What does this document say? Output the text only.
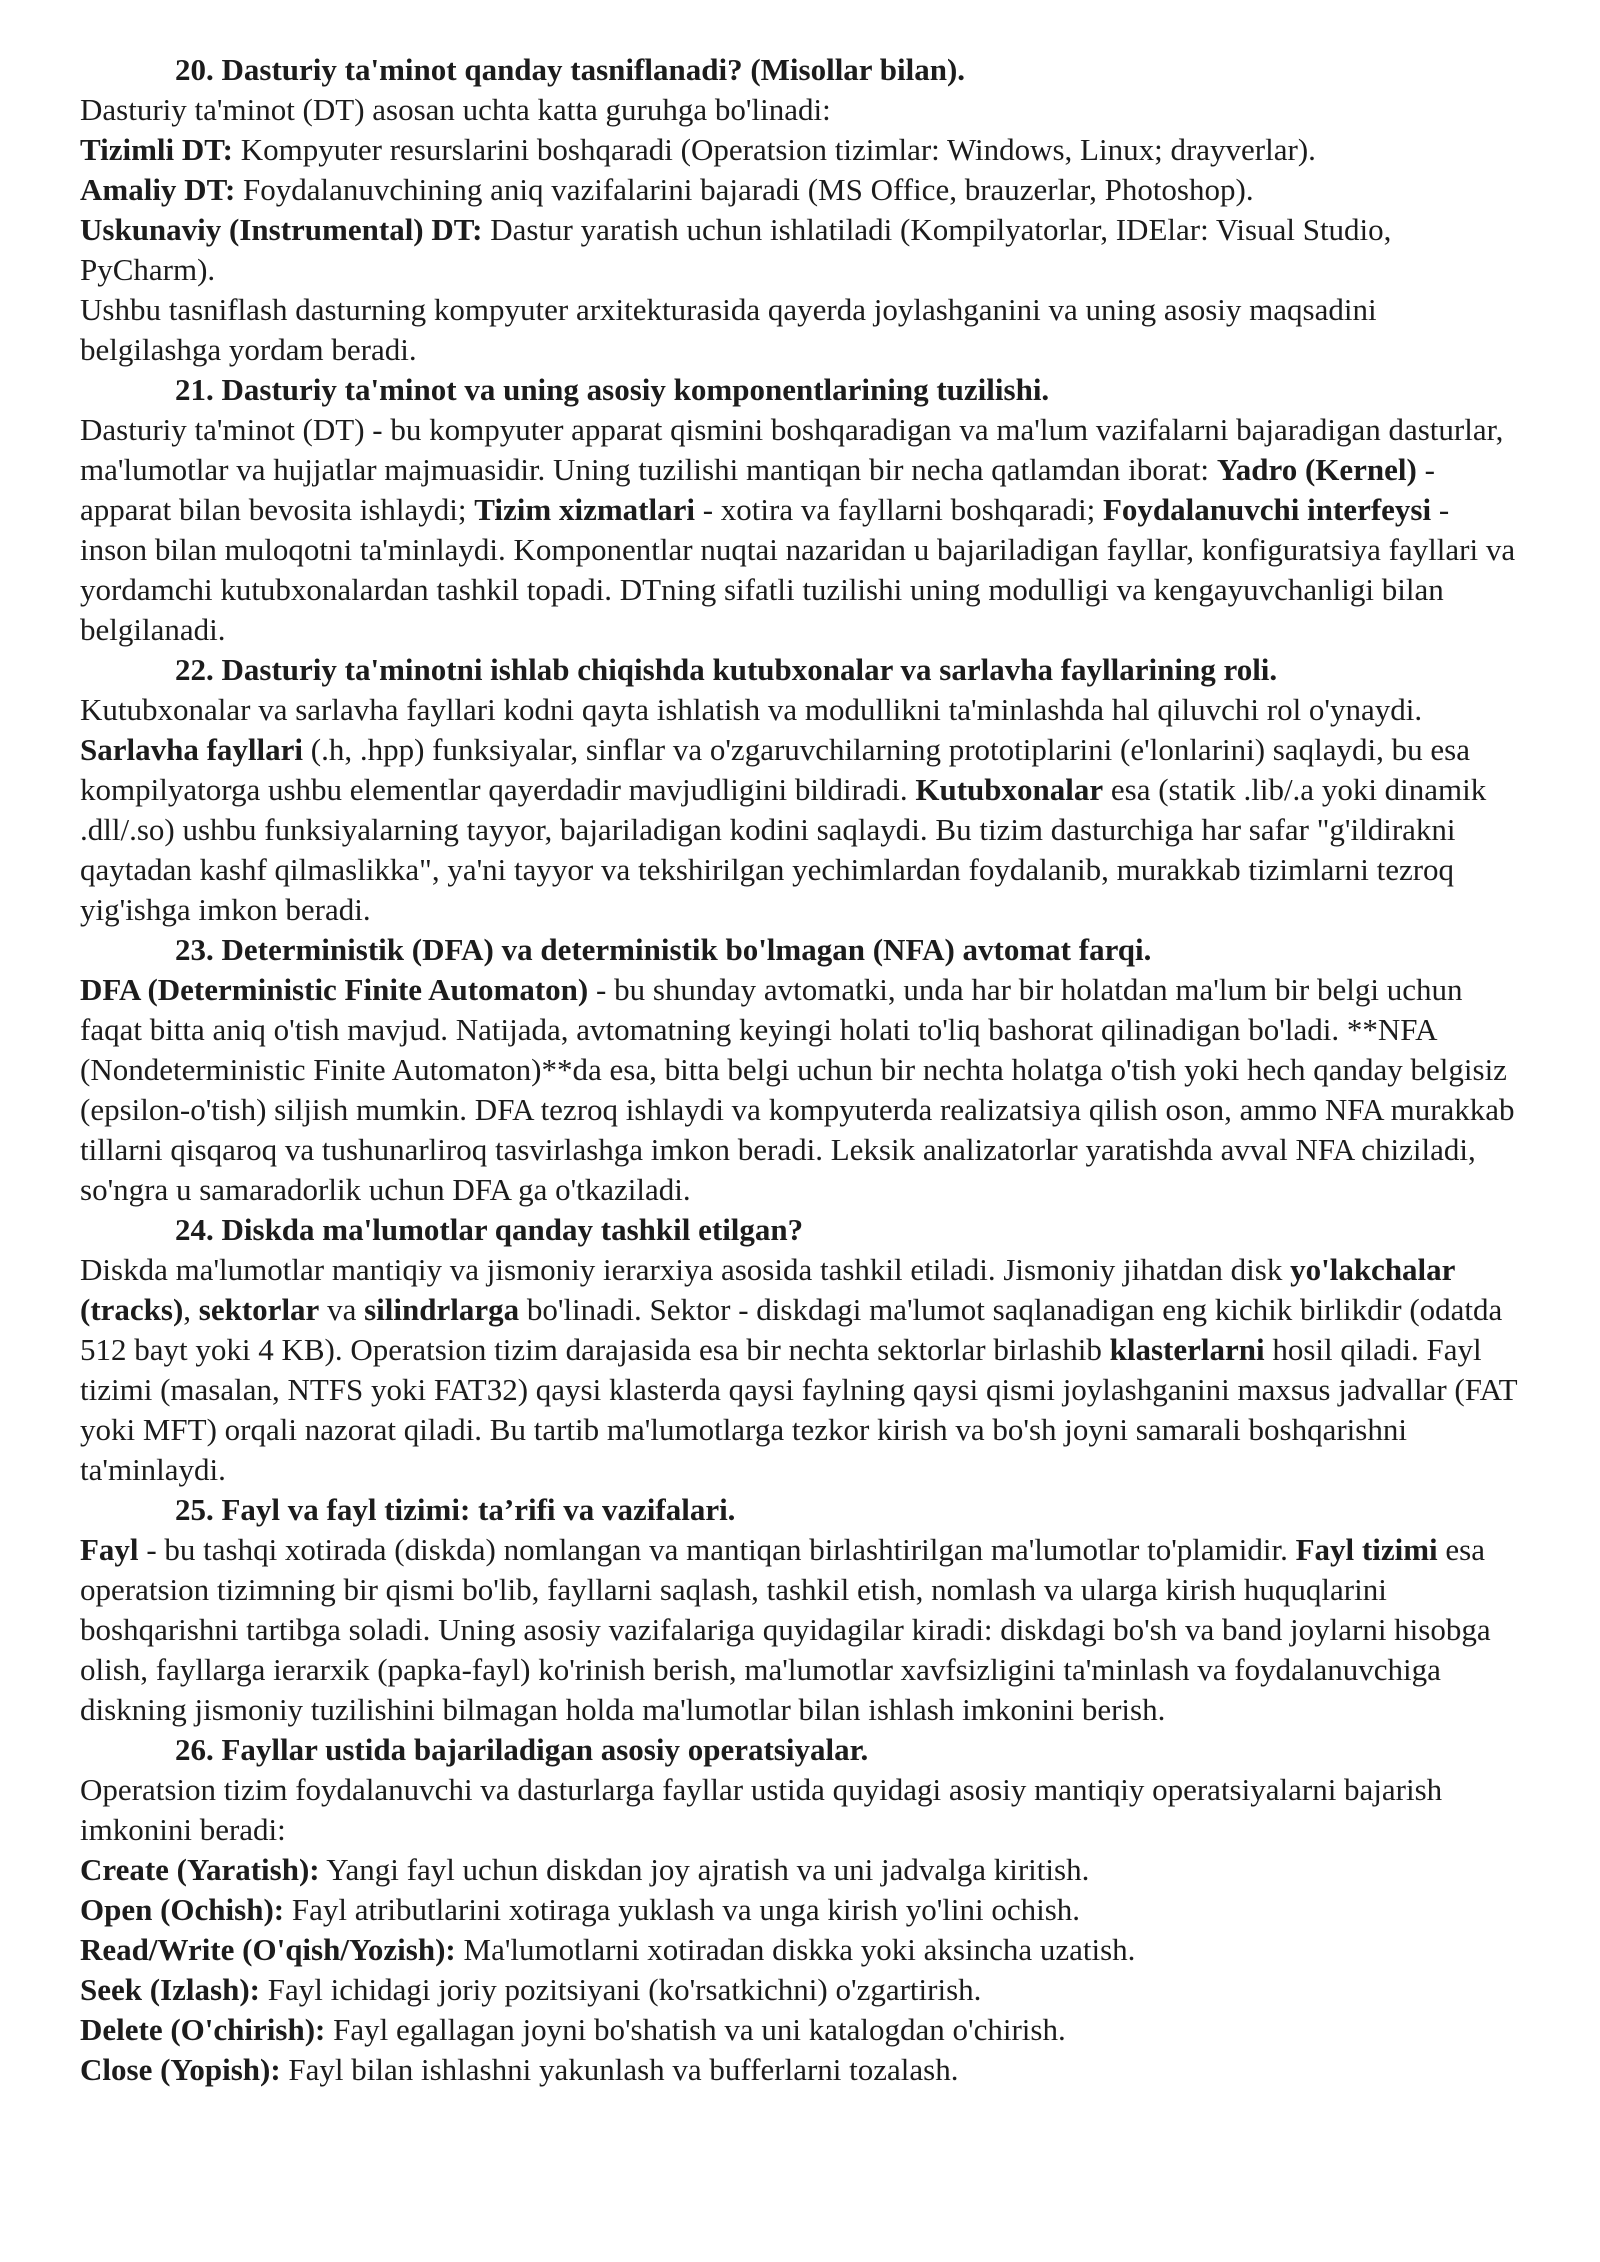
20. Dasturiy ta'minot qanday tasniflanadi? (Misollar bilan).

Dasturiy ta'minot (DT) asosan uchta katta guruhga bo'linadi:

Tizimli DT: Kompyuter resurslarini boshqaradi (Operatsion tizimlar: Windows, Linux; drayverlar).

Amaliy DT: Foydalanuvchining aniq vazifalarini bajaradi (MS Office, brauzerlar, Photoshop).

Uskunaviy (Instrumental) DT: Dastur yaratish uchun ishlatiladi (Kompilyatorlar, IDElar: Visual Studio, PyCharm).

Ushbu tasniflash dasturning kompyuter arxitekturasida qayerda joylashganini va uning asosiy maqsadini belgilashga yordam beradi.

21. Dasturiy ta'minot va uning asosiy komponentlarining tuzilishi.

Dasturiy ta'minot (DT) - bu kompyuter apparat qismini boshqaradigan va ma'lum vazifalarni bajaradigan dasturlar, ma'lumotlar va hujjatlar majmuasidir. Uning tuzilishi mantiqan bir necha qatlamdan iborat: Yadro (Kernel) - apparat bilan bevosita ishlaydi; Tizim xizmatlari - xotira va fayllarni boshqaradi; Foydalanuvchi interfeysi - inson bilan muloqotni ta'minlaydi. Komponentlar nuqtai nazaridan u bajariladigan fayllar, konfiguratsiya fayllari va yordamchi kutubxonalardan tashkil topadi. DTning sifatli tuzilishi uning modulligi va kengayuvchanligi bilan belgilanadi.

22. Dasturiy ta'minotni ishlab chiqishda kutubxonalar va sarlavha fayllarining roli.

Kutubxonalar va sarlavha fayllari kodni qayta ishlatish va modullikni ta'minlashda hal qiluvchi rol o'ynaydi. Sarlavha fayllari (.h, .hpp) funksiyalar, sinflar va o'zgaruvchilarning prototiplarini (e'lonlarini) saqlaydi, bu esa kompilyatorga ushbu elementlar qayerdadir mavjudligini bildiradi. Kutubxonalar esa (statik .lib/.a yoki dinamik .dll/.so) ushbu funksiyalarning tayyor, bajariladigan kodini saqlaydi. Bu tizim dasturchiga har safar "g'ildirakni qaytadan kashf qilmaslikka", ya'ni tayyor va tekshirilgan yechimlardan foydalanib, murakkab tizimlarni tezroq yig'ishga imkon beradi.

23. Deterministik (DFA) va deterministik bo'lmagan (NFA) avtomat farqi.

DFA (Deterministic Finite Automaton) - bu shunday avtomatki, unda har bir holatdan ma'lum bir belgi uchun faqat bitta aniq o'tish mavjud. Natijada, avtomatning keyingi holati to'liq bashorat qilinadigan bo'ladi. **NFA (Nondeterministic Finite Automaton)**da esa, bitta belgi uchun bir nechta holatga o'tish yoki hech qanday belgisiz (epsilon-o'tish) siljish mumkin. DFA tezroq ishlaydi va kompyuterda realizatsiya qilish oson, ammo NFA murakkab tillarni qisqaroq va tushunarliroq tasvirlashga imkon beradi. Leksik analizatorlar yaratishda avval NFA chiziladi, so'ngra u samaradorlik uchun DFA ga o'tkaziladi.

24. Diskda ma'lumotlar qanday tashkil etilgan?

Diskda ma'lumotlar mantiqiy va jismoniy ierarxiya asosida tashkil etiladi. Jismoniy jihatdan disk yo'lakchalar (tracks), sektorlar va silindrlarga bo'linadi. Sektor - diskdagi ma'lumot saqlanadigan eng kichik birlikdir (odatda 512 bayt yoki 4 KB). Operatsion tizim darajasida esa bir nechta sektorlar birlashib klasterlarni hosil qiladi. Fayl tizimi (masalan, NTFS yoki FAT32) qaysi klasterda qaysi faylning qaysi qismi joylashganini maxsus jadvallar (FAT yoki MFT) orqali nazorat qiladi. Bu tartib ma'lumotlarga tezkor kirish va bo'sh joyni samarali boshqarishni ta'minlaydi.

25. Fayl va fayl tizimi: ta’rifi va vazifalari.

Fayl - bu tashqi xotirada (diskda) nomlangan va mantiqan birlashtirilgan ma'lumotlar to'plamidir. Fayl tizimi esa operatsion tizimning bir qismi bo'lib, fayllarni saqlash, tashkil etish, nomlash va ularga kirish huquqlarini boshqarishni tartibga soladi. Uning asosiy vazifalariga quyidagilar kiradi: diskdagi bo'sh va band joylarni hisobga olish, fayllarga ierarxik (papka-fayl) ko'rinish berish, ma'lumotlar xavfsizligini ta'minlash va foydalanuvchiga diskning jismoniy tuzilishini bilmagan holda ma'lumotlar bilan ishlash imkonini berish.

26. Fayllar ustida bajariladigan asosiy operatsiyalar.

Operatsion tizim foydalanuvchi va dasturlarga fayllar ustida quyidagi asosiy mantiqiy operatsiyalarni bajarish imkonini beradi:

Create (Yaratish): Yangi fayl uchun diskdan joy ajratish va uni jadvalga kiritish.

Open (Ochish): Fayl atributlarini xotiraga yuklash va unga kirish yo'lini ochish.

Read/Write (O'qish/Yozish): Ma'lumotlarni xotiradan diskka yoki aksincha uzatish.

Seek (Izlash): Fayl ichidagi joriy pozitsiyani (ko'rsatkichni) o'zgartirish.

Delete (O'chirish): Fayl egallagan joyni bo'shatish va uni katalogdan o'chirish.

Close (Yopish): Fayl bilan ishlashni yakunlash va bufferlarni tozalash.
